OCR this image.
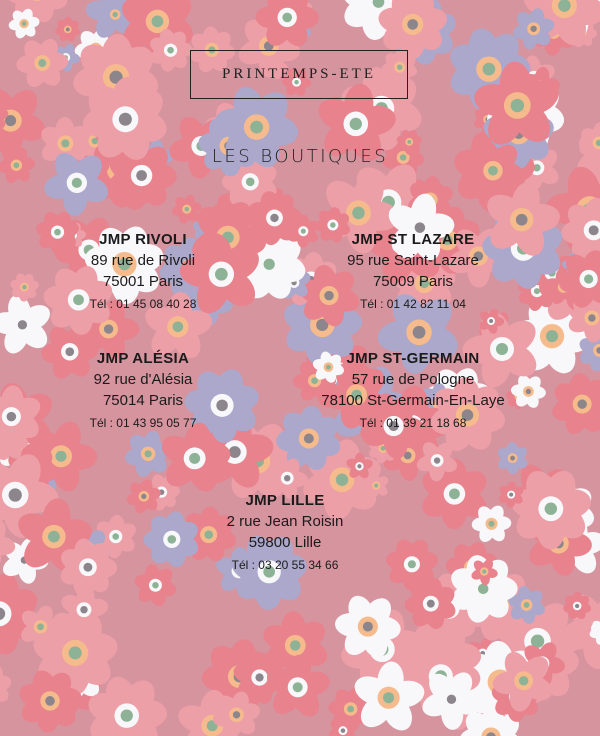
PRINTEMPS-ETE
LES BOUTIQUES
JMP RIVOLI
89 rue de Rivoli
75001 Paris
Tél : 01 45 08 40 28
JMP ST LAZARE
95 rue Saint-Lazare
75009 Paris
Tél : 01 42 82 11 04
JMP ALÉSIA
92 rue d'Alésia
75014 Paris
Tél : 01 43 95 05 77
JMP ST-GERMAIN
57 rue de Pologne
78100 St-Germain-En-Laye
Tél : 01 39 21 18 68
JMP LILLE
2 rue Jean Roisin
59800 Lille
Tél : 03 20 55 34 66
